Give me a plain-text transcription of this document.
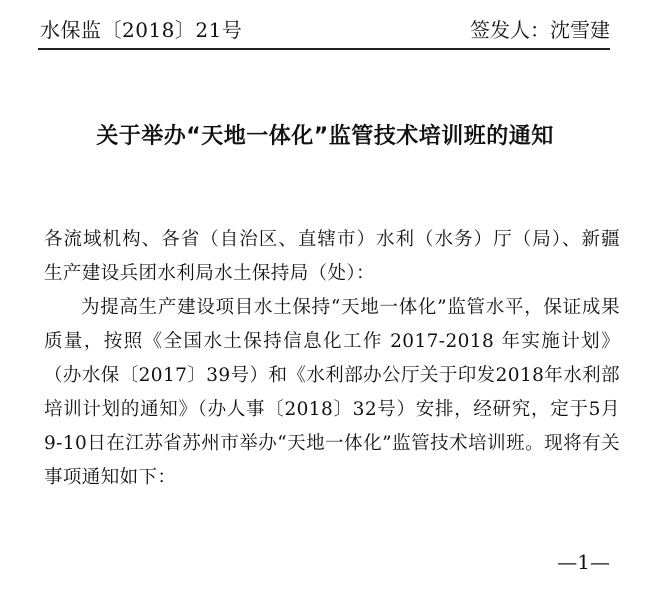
水保监〔2018〕21号	签发人：沈雪建
关于举办“天地一体化”监管技术培训班的通知

各流域机构、各省（自治区、直辖市）水利（水务）厅（局）、新疆生产建设兵团水利局水土保持局（处）：

为提高生产建设项目水土保持“天地一体化”监管水平，保证成果质量，按照《全国水土保持信息化工作 2017-2018 年实施计划》（办水保〔2017〕39号）和《水利部办公厅关于印发2018年水利部培训计划的通知》（办人事〔2018〕32号）安排，经研究，定于5月9-10日在江苏省苏州市举办“天地一体化”监管技术培训班。现将有关事项通知如下：

—1—
